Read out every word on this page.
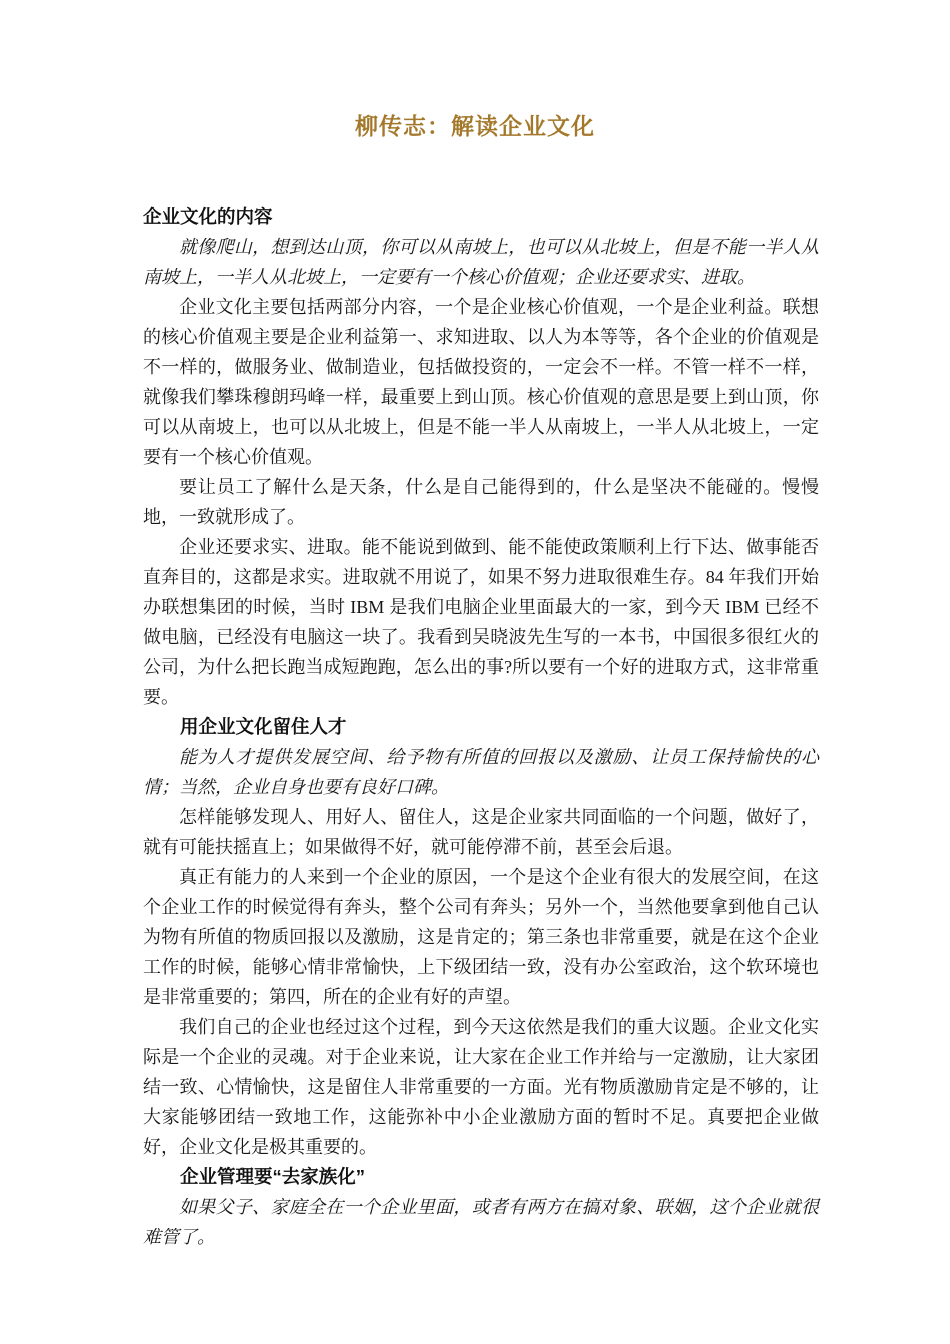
柳传志：解读企业文化
企业文化的内容

就像爬山，想到达山顶，你可以从南坡上，也可以从北坡上，但是不能一半人从南坡上，一半人从北坡上，一定要有一个核心价值观；企业还要求实、进取。

企业文化主要包括两部分内容，一个是企业核心价值观，一个是企业利益。联想的核心价值观主要是企业利益第一、求知进取、以人为本等等，各个企业的价值观是不一样的，做服务业、做制造业，包括做投资的，一定会不一样。不管一样不一样，就像我们攀珠穆朗玛峰一样，最重要上到山顶。核心价值观的意思是要上到山顶，你可以从南坡上，也可以从北坡上，但是不能一半人从南坡上，一半人从北坡上，一定要有一个核心价值观。

要让员工了解什么是天条，什么是自己能得到的，什么是坚决不能碰的。慢慢地，一致就形成了。

企业还要求实、进取。能不能说到做到、能不能使政策顺利上行下达、做事能否直奔目的，这都是求实。进取就不用说了，如果不努力进取很难生存。84 年我们开始办联想集团的时候，当时 IBM 是我们电脑企业里面最大的一家，到今天 IBM 已经不做电脑，已经没有电脑这一块了。我看到吴晓波先生写的一本书，中国很多很红火的公司，为什么把长跑当成短跑跑，怎么出的事?所以要有一个好的进取方式，这非常重要。

用企业文化留住人才

能为人才提供发展空间、给予物有所值的回报以及激励、让员工保持愉快的心情；当然，企业自身也要有良好口碑。

怎样能够发现人、用好人、留住人，这是企业家共同面临的一个问题，做好了，就有可能扶摇直上；如果做得不好，就可能停滞不前，甚至会后退。

真正有能力的人来到一个企业的原因，一个是这个企业有很大的发展空间，在这个企业工作的时候觉得有奔头，整个公司有奔头；另外一个，当然他要拿到他自己认为物有所值的物质回报以及激励，这是肯定的；第三条也非常重要，就是在这个企业工作的时候，能够心情非常愉快，上下级团结一致，没有办公室政治，这个软环境也是非常重要的；第四，所在的企业有好的声望。

我们自己的企业也经过这个过程，到今天这依然是我们的重大议题。企业文化实际是一个企业的灵魂。对于企业来说，让大家在企业工作并给与一定激励，让大家团结一致、心情愉快，这是留住人非常重要的一方面。光有物质激励肯定是不够的，让大家能够团结一致地工作，这能弥补中小企业激励方面的暂时不足。真要把企业做好，企业文化是极其重要的。

企业管理要“去家族化”

如果父子、家庭全在一个企业里面，或者有两方在搞对象、联姻，这个企业就很难管了。
